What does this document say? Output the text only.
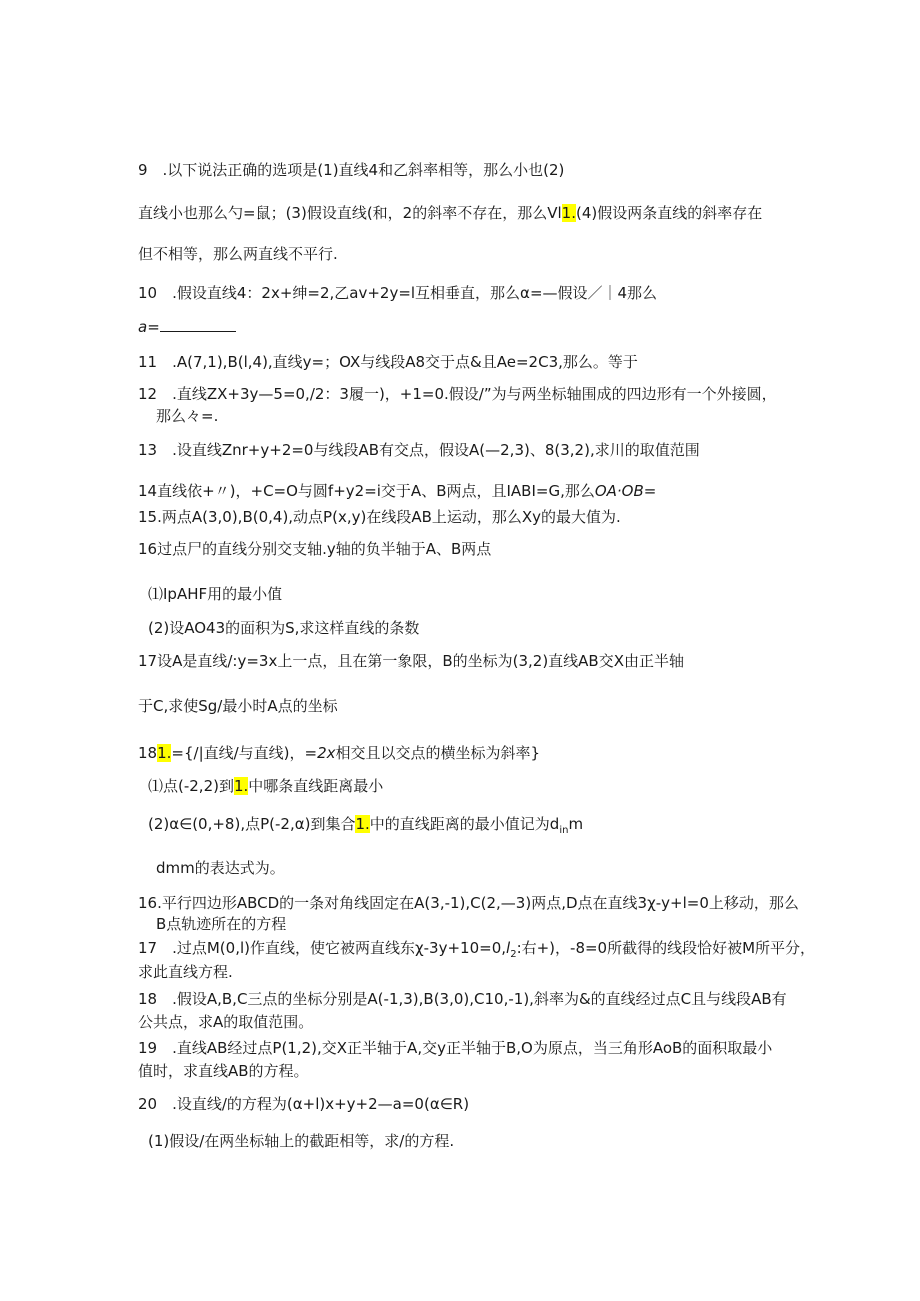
9　.以下说法正确的选项是(1)直线4和乙斜率相等，那么小也(2)
直线小也那么勺=鼠；(3)假设直线(和，2的斜率不存在，那么Vl1.(4)假设两条直线的斜率存在
但不相等，那么两直线不平行.
10　.假设直线4：2x+绅=2,乙av+2y=l互相垂直，那么α=—假设／｜4那么
a=
11　.A(7,1),B(l,4),直线y=；OX与线段A8交于点&且Ae=2C3,那么。等于
12　.直线ZX+3y—5=0,/2：3履一)，+1=0.假设/”为与两坐标轴围成的四边形有一个外接圆，
那么々=.
13　.设直线Znr+y+2=0与线段AB有交点，假设A(—2,3)、8(3,2),求川的取值范围
14直线依+〃)，+C=O与圆f+y2=i交于A、B两点，且IABI=G,那么OA·OB=
15.两点A(3,0),B(0,4),动点P(x,y)在线段AB上运动，那么Xy的最大值为.
16过点尸的直线分别交支轴.y轴的负半轴于A、B两点
⑴IpAHF用的最小值
(2)设AO43的面积为S,求这样直线的条数
17设A是直线/:y=3x上一点，且在第一象限，B的坐标为(3,2)直线AB交X由正半轴
于C,求使Sg/最小时A点的坐标
181.={/|直线/与直线)，=2x相交且以交点的横坐标为斜率}
⑴点(-2,2)到1.中哪条直线距离最小
(2)α∈(0,+8),点P(-2,α)到集合1.中的直线距离的最小值记为$d_{in}m$
dmm的表达式为。
16.平行四边形ABCD的一条对角线固定在A(3,-1),C(2,—3)两点,D点在直线3χ-y+l=0上移动，那么
B点轨迹所在的方程
17　.过点M(0,l)作直线，使它被两直线东$\chi-3y+10=0,l_2$:右+)，-8=0所截得的线段恰好被M所平分，
求此直线方程.
18　.假设A,B,C三点的坐标分别是A(-1,3),B(3,0),C10,-1),斜率为&的直线经过点C且与线段AB有
公共点，求A的取值范围。
19　.直线AB经过点P(1,2),交X正半轴于A,交y正半轴于B,O为原点，当三角形AoB的面积取最小
值时，求直线AB的方程。
20　.设直线/的方程为(α+l)x+y+2—a=0(α∈R)
(1)假设/在两坐标轴上的截距相等，求/的方程.
